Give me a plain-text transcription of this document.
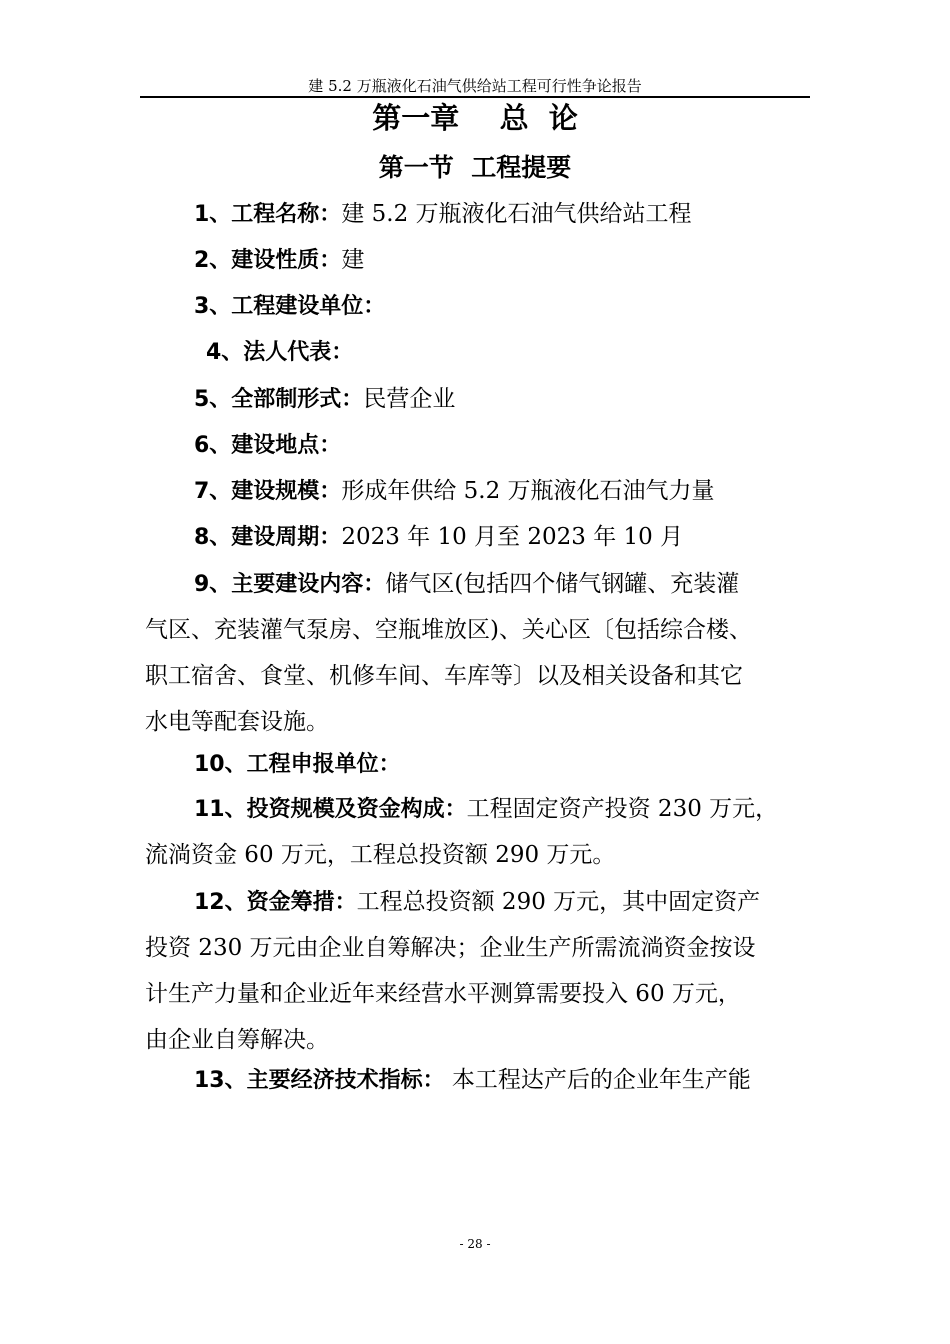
建 5.2 万瓶液化石油气供给站工程可行性争论报告
第一章    总  论
第一节  工程提要
1、工程名称：建 5.2 万瓶液化石油气供给站工程
2、建设性质：建
3、工程建设单位：
4、法人代表：
5、全部制形式：民营企业
6、建设地点：
7、建设规模：形成年供给 5.2 万瓶液化石油气力量
8、建设周期：2023 年 10 月至 2023 年 10 月
9、主要建设内容：储气区(包括四个储气钢罐、充装灌
气区、充装灌气泵房、空瓶堆放区)、关心区〔包括综合楼、
职工宿舍、食堂、机修车间、车库等〕以及相关设备和其它
水电等配套设施。
10、工程申报单位：
11、投资规模及资金构成：工程固定资产投资 230 万元，
流淌资金 60 万元，工程总投资额 290 万元。
12、资金筹措：工程总投资额 290 万元，其中固定资产
投资 230 万元由企业自筹解决；企业生产所需流淌资金按设
计生产力量和企业近年来经营水平测算需要投入 60 万元，
由企业自筹解决。
13、主要经济技术指标： 本工程达产后的企业年生产能
- 28 -
